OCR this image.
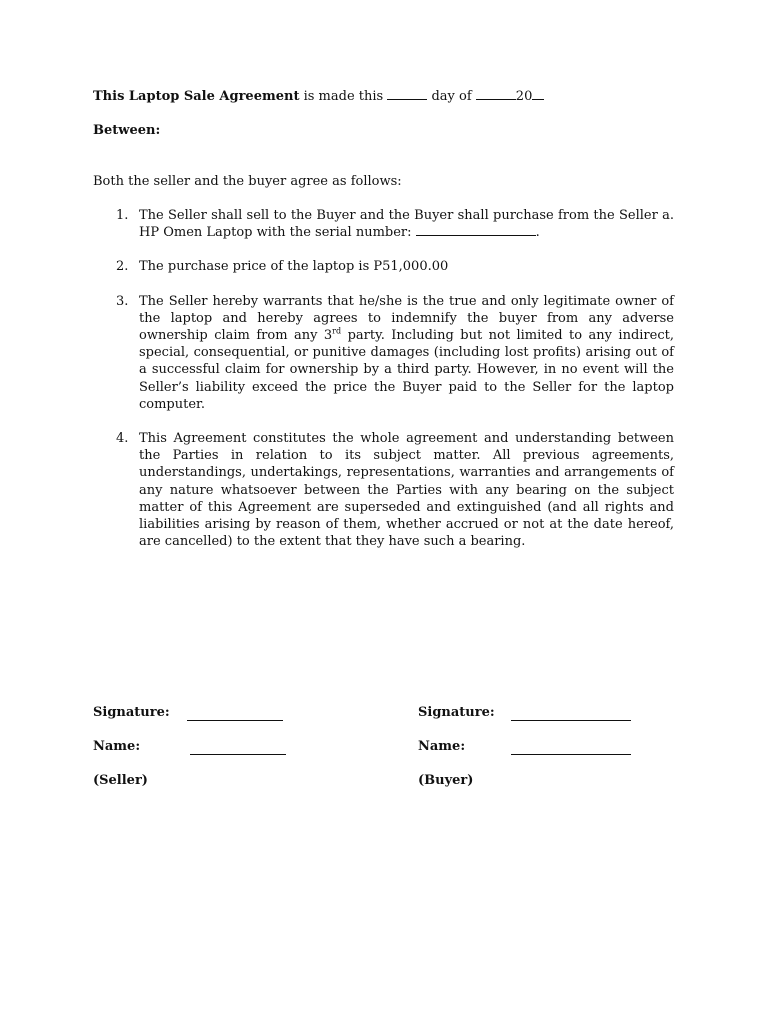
This Laptop Sale Agreement is made this	day of	20
Between:
Both the seller and the buyer agree as follows:
1. The Seller shall sell to the Buyer and the Buyer shall purchase from the Seller a. HP Omen Laptop with the serial number:	.
2. The purchase price of the laptop is P51,000.00
3. The Seller hereby warrants that he/she is the true and only legitimate owner of the laptop and hereby agrees to indemnify the buyer from any adverse ownership claim from any 3rd party. Including but not limited to any indirect, special, consequential, or punitive damages (including lost profits) arising out of a successful claim for ownership by a third party. However, in no event will the Seller’s liability exceed the price the Buyer paid to the Seller for the laptop computer.
4. This Agreement constitutes the whole agreement and understanding between the Parties in relation to its subject matter. All previous agreements, understandings, undertakings, representations, warranties and arrangements of any nature whatsoever between the Parties with any bearing on the subject matter of this Agreement are superseded and extinguished (and all rights and liabilities arising by reason of them, whether accrued or not at the date hereof, are cancelled) to the extent that they have such a bearing.
Signature:
Name:
(Seller)
Signature:
Name:
(Buyer)
